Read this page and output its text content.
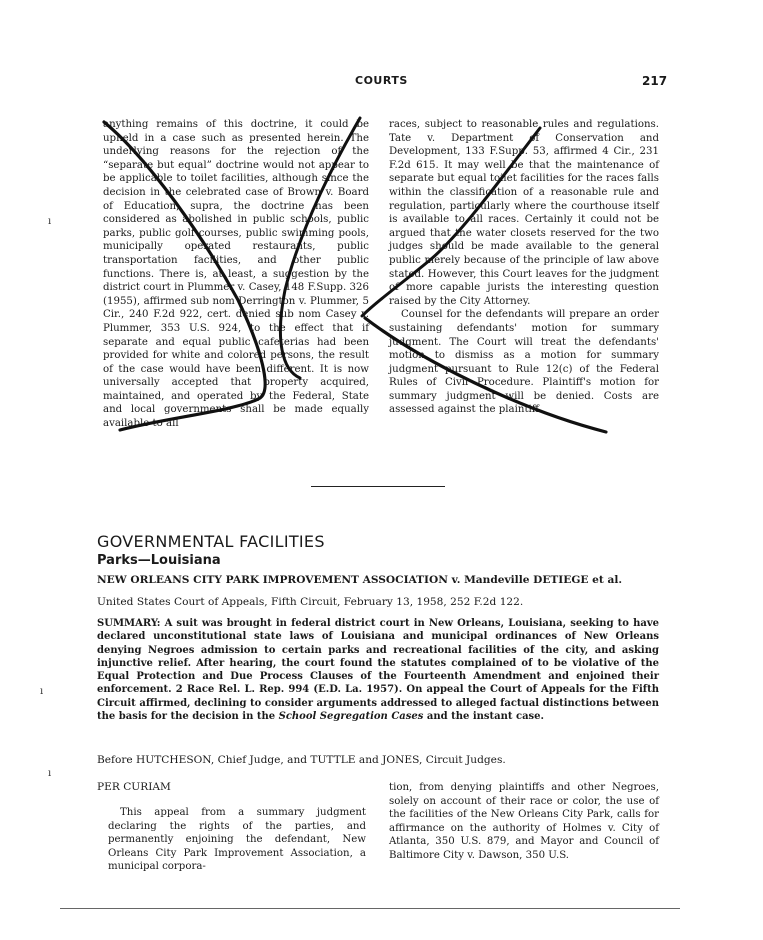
COURTS	217

anything remains of this doctrine, it could be upheld in a case such as presented herein. The underlying reasons for the rejection of the “separate but equal” doctrine would not appear to be applicable to toilet facilities, although since the decision in the celebrated case of Brown v. Board of Education, supra, the doctrine has been considered as abolished in public schools, public parks, public golf courses, public swimming pools, municipally operated restaurants, public transportation facilities, and other public functions. There is, at least, a suggestion by the district court in Plummer v. Casey, 148 F.Supp. 326 (1955), affirmed sub nom Derrington v. Plummer, 5 Cir., 240 F.2d 922, cert. denied sub nom Casey v. Plummer, 353 U.S. 924, to the effect that if separate and equal public cafeterias had been provided for white and colored persons, the result of the case would have been different. It is now universally accepted that property acquired, maintained, and operated by the Federal, State and local governments shall be made equally available to all

races, subject to reasonable rules and regulations. Tate v. Department of Conservation and Development, 133 F.Supp. 53, affirmed 4 Cir., 231 F.2d 615. It may well be that the maintenance of separate but equal toilet facilities for the races falls within the classification of a reasonable rule and regulation, particularly where the courthouse itself is available to all races. Certainly it could not be argued that the water closets reserved for the two judges should be made available to the general public merely because of the principle of law above stated. However, this Court leaves for the judgment of more capable jurists the interesting question raised by the City Attorney.

Counsel for the defendants will prepare an order sustaining defendants' motion for summary judgment. The Court will treat the defendants' motion to dismiss as a motion for summary judgment pursuant to Rule 12(c) of the Federal Rules of Civil Procedure. Plaintiff's motion for summary judgment will be denied. Costs are assessed against the plaintiff.

GOVERNMENTAL FACILITIES
Parks—Louisiana
NEW ORLEANS CITY PARK IMPROVEMENT ASSOCIATION v. Mandeville DETIEGE et al.
United States Court of Appeals, Fifth Circuit, February 13, 1958, 252 F.2d 122.
SUMMARY: A suit was brought in federal district court in New Orleans, Louisiana, seeking to have declared unconstitutional state laws of Louisiana and municipal ordinances of New Orleans denying Negroes admission to certain parks and recreational facilities of the city, and asking injunctive relief. After hearing, the court found the statutes complained of to be violative of the Equal Protection and Due Process Clauses of the Fourteenth Amendment and enjoined their enforcement. 2 Race Rel. L. Rep. 994 (E.D. La. 1957). On appeal the Court of Appeals for the Fifth Circuit affirmed, declining to consider arguments addressed to alleged factual distinctions between the basis for the decision in the School Segregation Cases and the instant case.
Before HUTCHESON, Chief Judge, and TUTTLE and JONES, Circuit Judges.
PER CURIAM

This appeal from a summary judgment declaring the rights of the parties, and permanently enjoining the defendant, New Orleans City Park Improvement Association, a municipal corpora-

tion, from denying plaintiffs and other Negroes, solely on account of their race or color, the use of the facilities of the New Orleans City Park, calls for affirmance on the authority of Holmes v. City of Atlanta, 350 U.S. 879, and Mayor and Council of Baltimore City v. Dawson, 350 U.S.

ı
ı
ı
